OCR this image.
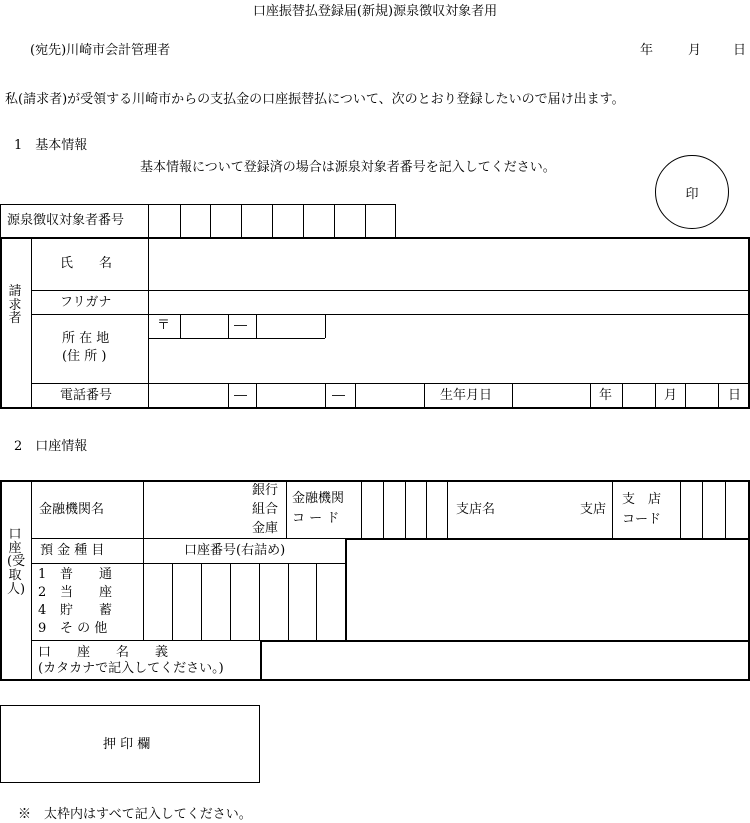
口座振替払登録届(新規)源泉徴収対象者用
(宛先)川崎市会計管理者	年	月 日
私(請求者)が受領する川崎市からの支払金の口座振替払について、次のとおり登録したいので届け出ます。
1　基本情報
基本情報について登録済の場合は源泉対象者番号を記入してください。
印
源泉徴収対象者番号
請求者
氏　　名
フリガナ
所 在 地
(住 所 )
〒	―
電話番号	―	―	生年月日	年	月	日
2　口座情報
口座(受取人)
金融機関名
銀行
組合
金庫
金融機関
コ ー ド
支店名	支店
支　店
コード
預 金 種 目	口座番号(右詰め)
1 普　　通
2 当　　座
4 貯　　蓄
9 そ の 他
口　　座　　名　　義
(カタカナで記入してください。)
押 印 欄
※　太枠内はすべて記入してください。
